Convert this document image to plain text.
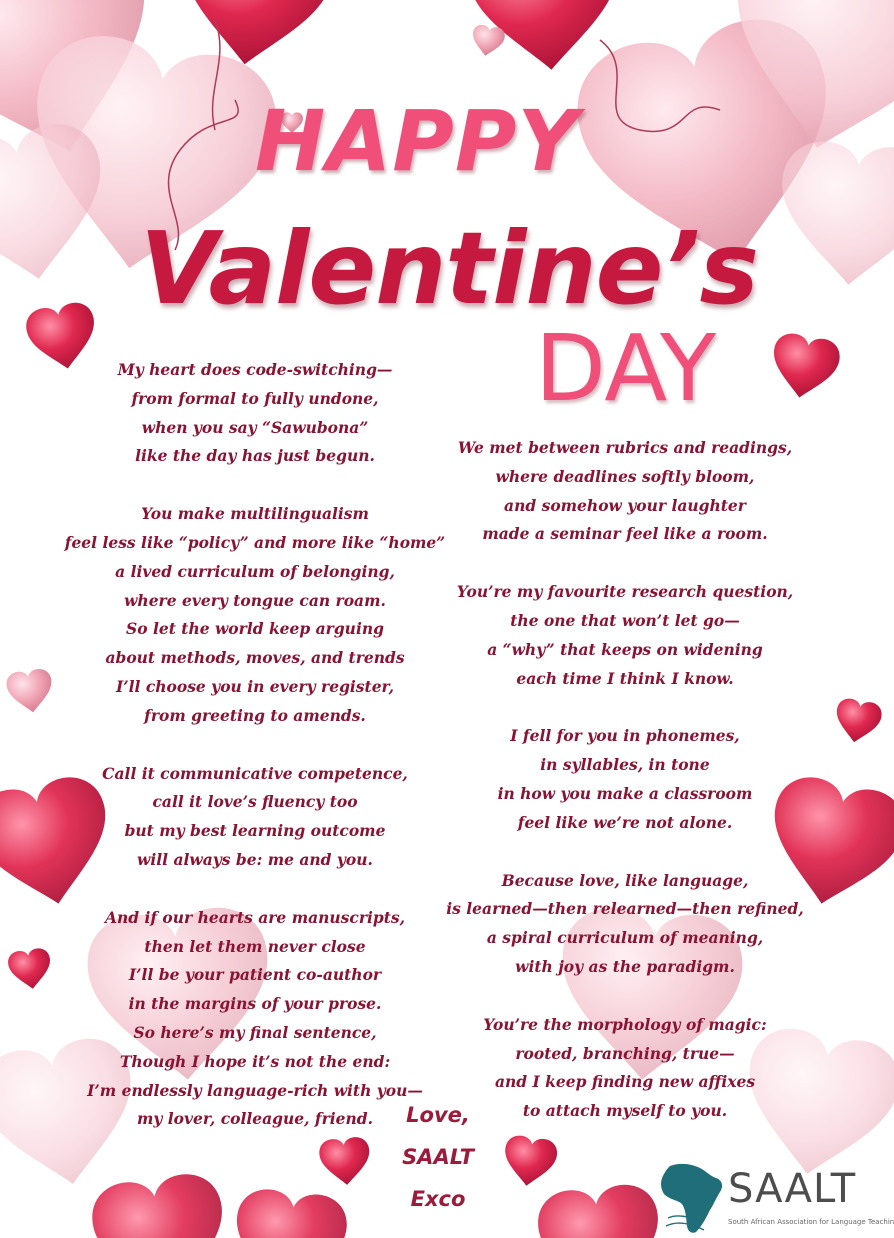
HAPPY
Valentine’s
DAY
My heart does code-switching—
from formal to fully undone,
when you say “Sawubona”
like the day has just begun.
You make multilingualism
feel less like “policy” and more like “home”
a lived curriculum of belonging,
where every tongue can roam.
So let the world keep arguing
about methods, moves, and trends
I’ll choose you in every register,
from greeting to amends.
Call it communicative competence,
call it love’s fluency too
but my best learning outcome
will always be: me and you.
And if our hearts are manuscripts,
then let them never close
I’ll be your patient co-author
in the margins of your prose.
So here’s my final sentence,
Though I hope it’s not the end:
I’m endlessly language-rich with you—
my lover, colleague, friend.
We met between rubrics and readings,
where deadlines softly bloom,
and somehow your laughter
made a seminar feel like a room.
You’re my favourite research question,
the one that won’t let go—
a “why” that keeps on widening
each time I think I know.
I fell for you in phonemes,
in syllables, in tone
in how you make a classroom
feel like we’re not alone.
Because love, like language,
is learned—then relearned—then refined,
a spiral curriculum of meaning,
with joy as the paradigm.
You’re the morphology of magic:
rooted, branching, true—
and I keep finding new affixes
to attach myself to you.
Love,
SAALT
Exco	SAALT
South African Association for Language Teachin
